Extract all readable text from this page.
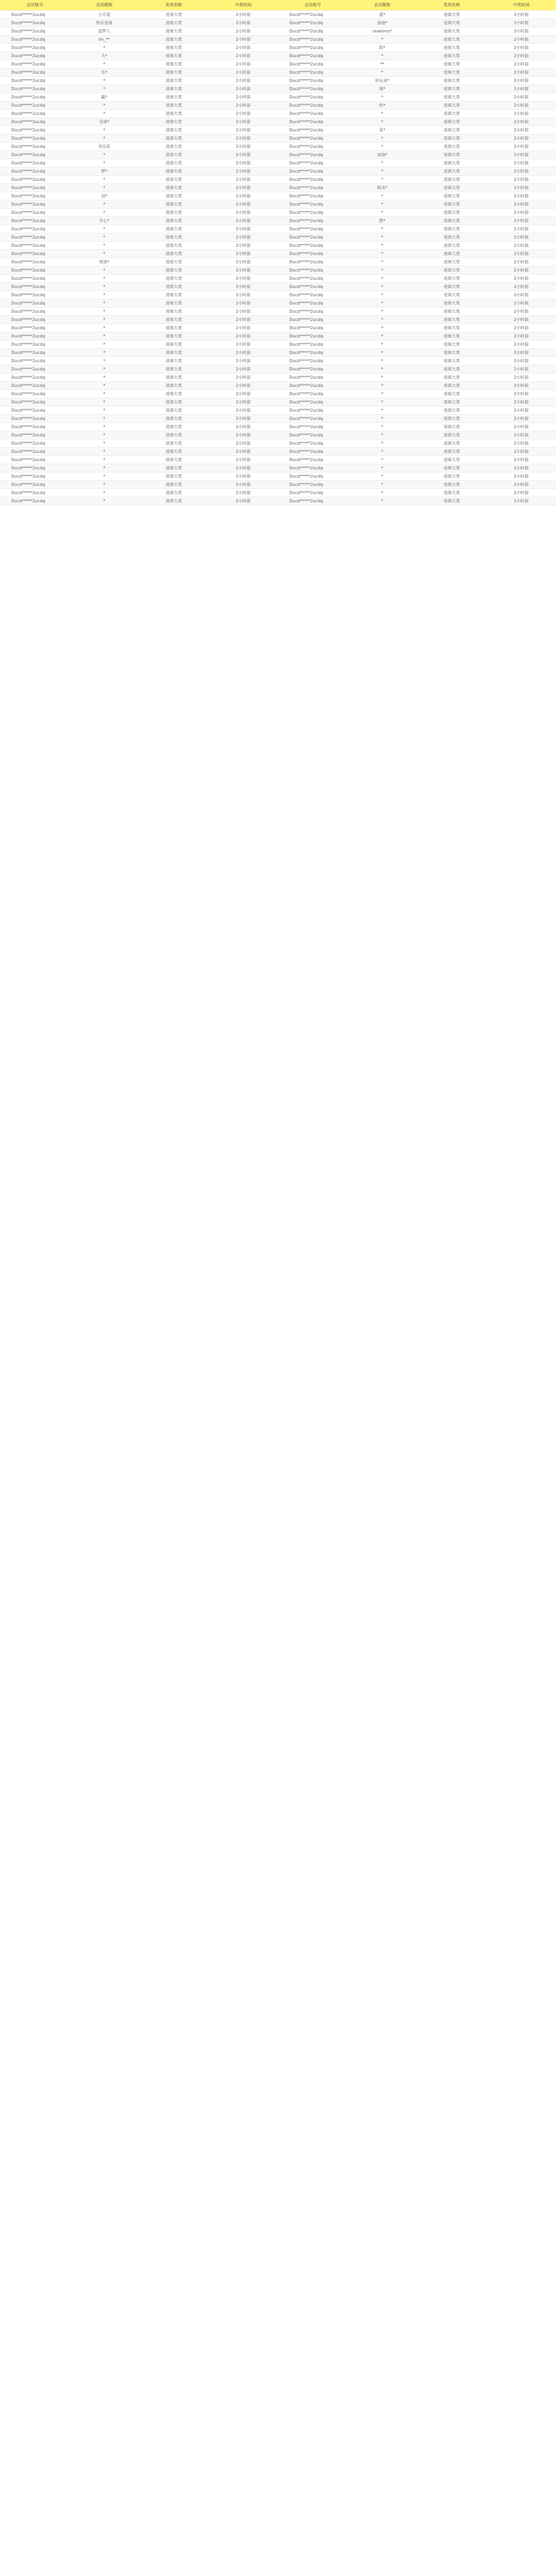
会员账号	会员昵称	奖项名称	中奖时间	会员账号	会员昵称	奖项名称	中奖时间
Ducd*****2ucdq	小可爱	进球大奖	2小时前	Ducd*****2ucdq	爱*	进球大奖	2小时前
Ducd*****2ucdq	快乐星球	进球大奖	2小时前	Ducd*****2ucdq	加油*	进球大奖	2小时前
Ducd*****2ucdq	追梦人	进球大奖	2小时前	Ducd*****2ucdq	raxeoms*	进球大奖	2小时前
Ducd*****2ucdq	lin_**	进球大奖	2小时前	Ducd*****2ucdq	*	进球大奖	2小时前
Ducd*****2ucdq	*	进球大奖	2小时前	Ducd*****2ucdq	阳*	进球大奖	2小时前
Ducd*****2ucdq	大*	进球大奖	2小时前	Ducd*****2ucdq	*	进球大奖	2小时前
Ducd*****2ucdq	*	进球大奖	2小时前	Ducd*****2ucdq	**	进球大奖	2小时前
Ducd*****2ucdq	乐*	进球大奖	2小时前	Ducd*****2ucdq	*	进球大奖	2小时前
Ducd*****2ucdq	*	进球大奖	2小时前	Ducd*****2ucdq	好运来*	进球大奖	2小时前
Ducd*****2ucdq	*	进球大奖	2小时前	Ducd*****2ucdq	球*	进球大奖	2小时前
Ducd*****2ucdq	赢*	进球大奖	2小时前	Ducd*****2ucdq	*	进球大奖	2小时前
Ducd*****2ucdq	*	进球大奖	2小时前	Ducd*****2ucdq	好*	进球大奖	2小时前
Ducd*****2ucdq	*	进球大奖	2小时前	Ducd*****2ucdq	*	进球大奖	2小时前
Ducd*****2ucdq	足球*	进球大奖	2小时前	Ducd*****2ucdq	*	进球大奖	2小时前
Ducd*****2ucdq	*	进球大奖	2小时前	Ducd*****2ucdq	星*	进球大奖	2小时前
Ducd*****2ucdq	*	进球大奖	2小时前	Ducd*****2ucdq	*	进球大奖	2小时前
Ducd*****2ucdq	幸运星	进球大奖	2小时前	Ducd*****2ucdq	*	进球大奖	2小时前
Ducd*****2ucdq	*	进球大奖	2小时前	Ducd*****2ucdq	加油*	进球大奖	2小时前
Ducd*****2ucdq	*	进球大奖	2小时前	Ducd*****2ucdq	*	进球大奖	2小时前
Ducd*****2ucdq	梦*	进球大奖	2小时前	Ducd*****2ucdq	*	进球大奖	2小时前
Ducd*****2ucdq	*	进球大奖	2小时前	Ducd*****2ucdq	*	进球大奖	2小时前
Ducd*****2ucdq	*	进球大奖	2小时前	Ducd*****2ucdq	阳光*	进球大奖	2小时前
Ducd*****2ucdq	冠*	进球大奖	2小时前	Ducd*****2ucdq	*	进球大奖	2小时前
Ducd*****2ucdq	*	进球大奖	2小时前	Ducd*****2ucdq	*	进球大奖	2小时前
Ducd*****2ucdq	*	进球大奖	2小时前	Ducd*****2ucdq	*	进球大奖	2小时前
Ducd*****2ucdq	开心*	进球大奖	2小时前	Ducd*****2ucdq	胜*	进球大奖	2小时前
Ducd*****2ucdq	*	进球大奖	2小时前	Ducd*****2ucdq	*	进球大奖	2小时前
Ducd*****2ucdq	*	进球大奖	2小时前	Ducd*****2ucdq	*	进球大奖	2小时前
Ducd*****2ucdq	*	进球大奖	2小时前	Ducd*****2ucdq	*	进球大奖	2小时前
Ducd*****2ucdq	*	进球大奖	2小时前	Ducd*****2ucdq	*	进球大奖	2小时前
Ducd*****2ucdq	球迷*	进球大奖	2小时前	Ducd*****2ucdq	*	进球大奖	2小时前
Ducd*****2ucdq	*	进球大奖	2小时前	Ducd*****2ucdq	*	进球大奖	2小时前
Ducd*****2ucdq	*	进球大奖	2小时前	Ducd*****2ucdq	*	进球大奖	2小时前
Ducd*****2ucdq	*	进球大奖	2小时前	Ducd*****2ucdq	*	进球大奖	2小时前
Ducd*****2ucdq	*	进球大奖	2小时前	Ducd*****2ucdq	*	进球大奖	2小时前
Ducd*****2ucdq	*	进球大奖	2小时前	Ducd*****2ucdq	*	进球大奖	2小时前
Ducd*****2ucdq	*	进球大奖	2小时前	Ducd*****2ucdq	*	进球大奖	2小时前
Ducd*****2ucdq	*	进球大奖	2小时前	Ducd*****2ucdq	*	进球大奖	2小时前
Ducd*****2ucdq	*	进球大奖	2小时前	Ducd*****2ucdq	*	进球大奖	2小时前
Ducd*****2ucdq	*	进球大奖	2小时前	Ducd*****2ucdq	*	进球大奖	2小时前
Ducd*****2ucdq	*	进球大奖	2小时前	Ducd*****2ucdq	*	进球大奖	2小时前
Ducd*****2ucdq	*	进球大奖	2小时前	Ducd*****2ucdq	*	进球大奖	2小时前
Ducd*****2ucdq	*	进球大奖	2小时前	Ducd*****2ucdq	*	进球大奖	2小时前
Ducd*****2ucdq	*	进球大奖	2小时前	Ducd*****2ucdq	*	进球大奖	2小时前
Ducd*****2ucdq	*	进球大奖	2小时前	Ducd*****2ucdq	*	进球大奖	2小时前
Ducd*****2ucdq	*	进球大奖	2小时前	Ducd*****2ucdq	*	进球大奖	2小时前
Ducd*****2ucdq	*	进球大奖	2小时前	Ducd*****2ucdq	*	进球大奖	2小时前
Ducd*****2ucdq	*	进球大奖	2小时前	Ducd*****2ucdq	*	进球大奖	2小时前
Ducd*****2ucdq	*	进球大奖	2小时前	Ducd*****2ucdq	*	进球大奖	2小时前
Ducd*****2ucdq	*	进球大奖	2小时前	Ducd*****2ucdq	*	进球大奖	2小时前
Ducd*****2ucdq	*	进球大奖	2小时前	Ducd*****2ucdq	*	进球大奖	2小时前
Ducd*****2ucdq	*	进球大奖	2小时前	Ducd*****2ucdq	*	进球大奖	2小时前
Ducd*****2ucdq	*	进球大奖	2小时前	Ducd*****2ucdq	*	进球大奖	2小时前
Ducd*****2ucdq	*	进球大奖	2小时前	Ducd*****2ucdq	*	进球大奖	2小时前
Ducd*****2ucdq	*	进球大奖	2小时前	Ducd*****2ucdq	*	进球大奖	2小时前
Ducd*****2ucdq	*	进球大奖	2小时前	Ducd*****2ucdq	*	进球大奖	2小时前
Ducd*****2ucdq	*	进球大奖	2小时前	Ducd*****2ucdq	*	进球大奖	2小时前
Ducd*****2ucdq	*	进球大奖	2小时前	Ducd*****2ucdq	*	进球大奖	2小时前
Ducd*****2ucdq	*	进球大奖	2小时前	Ducd*****2ucdq	*	进球大奖	2小时前
Ducd*****2ucdq	*	进球大奖	2小时前	Ducd*****2ucdq	*	进球大奖	2小时前
